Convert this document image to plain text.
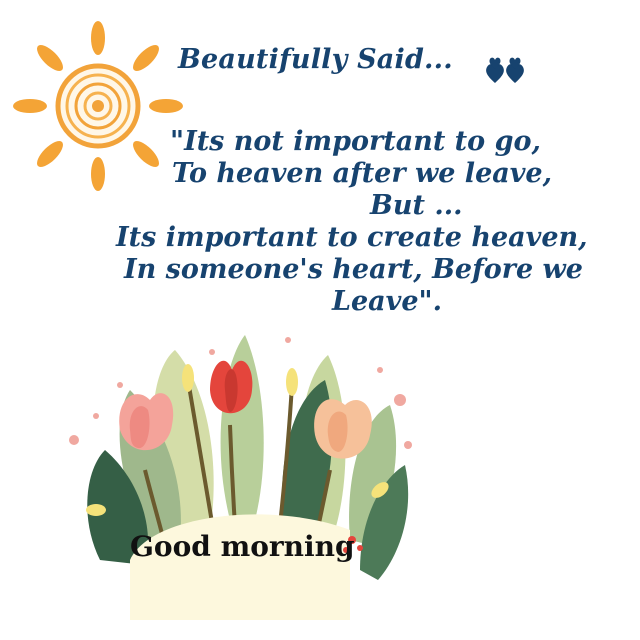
Beautifully Said...
"Its not important to go,
To heaven after we leave,
But ...
Its important to create heaven,
In someone's heart, Before we
Leave".
Good morning
